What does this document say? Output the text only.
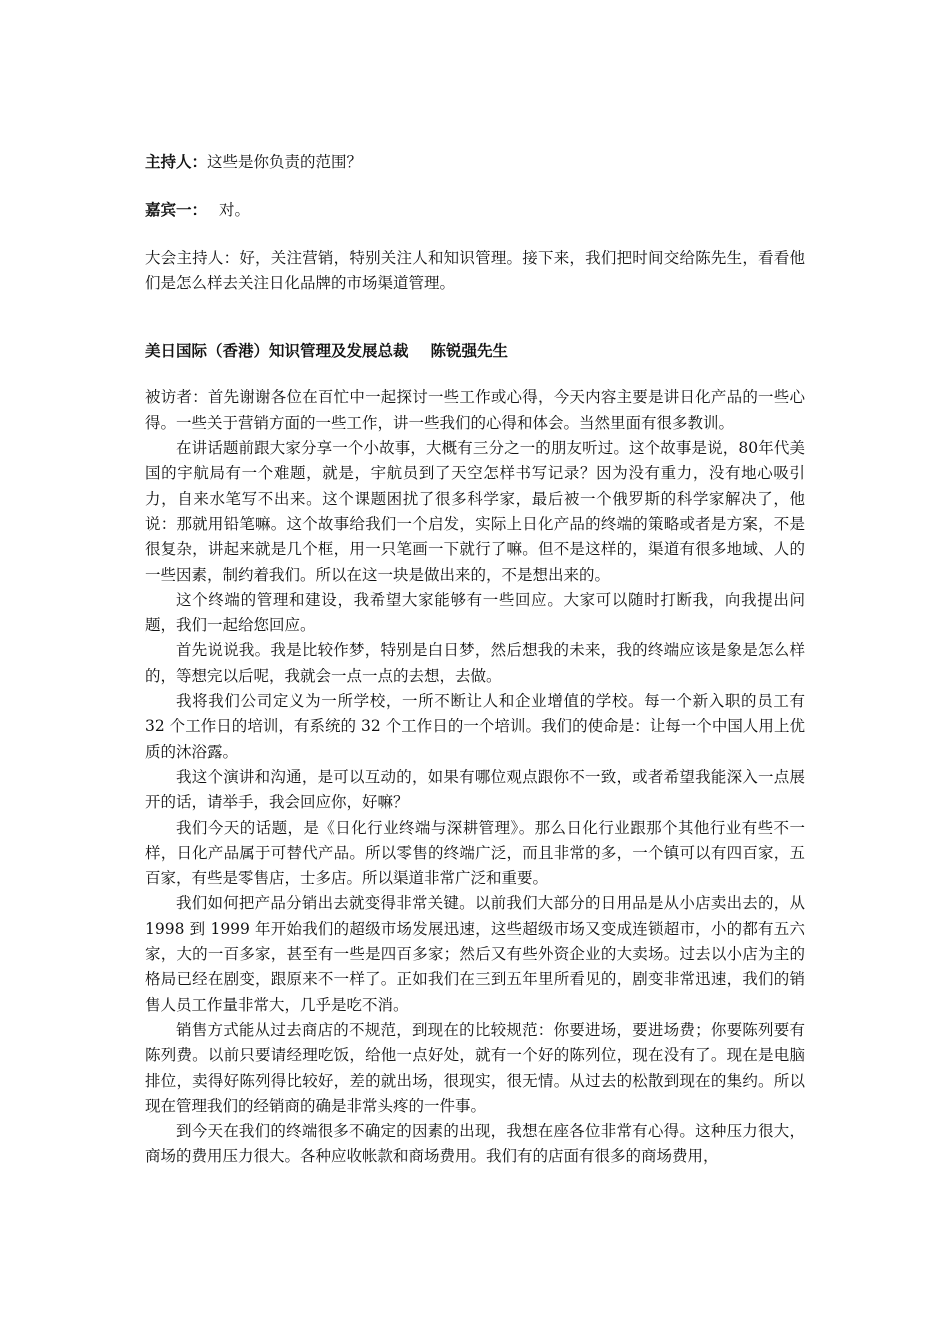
主持人：这些是你负责的范围？
嘉宾一： 对。

大会主持人：好，关注营销，特别关注人和知识管理。接下来，我们把时间交给陈先生，看看他们是怎么样去关注日化品牌的市场渠道管理。

美日国际（香港）知识管理及发展总裁 陈锐强先生

被访者：首先谢谢各位在百忙中一起探讨一些工作或心得，今天内容主要是讲日化产品的一些心得。一些关于营销方面的一些工作，讲一些我们的心得和体会。当然里面有很多教训。

在讲话题前跟大家分享一个小故事，大概有三分之一的朋友听过。这个故事是说，80年代美国的宇航局有一个难题，就是，宇航员到了天空怎样书写记录？因为没有重力，没有地心吸引力，自来水笔写不出来。这个课题困扰了很多科学家，最后被一个俄罗斯的科学家解决了，他说：那就用铅笔嘛。这个故事给我们一个启发，实际上日化产品的终端的策略或者是方案，不是很复杂，讲起来就是几个框，用一只笔画一下就行了嘛。但不是这样的，渠道有很多地域、人的一些因素，制约着我们。所以在这一块是做出来的，不是想出来的。

这个终端的管理和建设，我希望大家能够有一些回应。大家可以随时打断我，向我提出问题，我们一起给您回应。

首先说说我。我是比较作梦，特别是白日梦，然后想我的未来，我的终端应该是象是怎么样的，等想完以后呢，我就会一点一点的去想，去做。

我将我们公司定义为一所学校，一所不断让人和企业增值的学校。每一个新入职的员工有 32 个工作日的培训，有系统的 32 个工作日的一个培训。我们的使命是：让每一个中国人用上优质的沐浴露。

我这个演讲和沟通，是可以互动的，如果有哪位观点跟你不一致，或者希望我能深入一点展开的话，请举手，我会回应你，好嘛？

我们今天的话题，是《日化行业终端与深耕管理》。那么日化行业跟那个其他行业有些不一样，日化产品属于可替代产品。所以零售的终端广泛，而且非常的多，一个镇可以有四百家，五百家，有些是零售店，士多店。所以渠道非常广泛和重要。

我们如何把产品分销出去就变得非常关键。以前我们大部分的日用品是从小店卖出去的，从 1998 到 1999 年开始我们的超级市场发展迅速，这些超级市场又变成连锁超市，小的都有五六家，大的一百多家，甚至有一些是四百多家；然后又有些外资企业的大卖场。过去以小店为主的格局已经在剧变，跟原来不一样了。正如我们在三到五年里所看见的，剧变非常迅速，我们的销售人员工作量非常大，几乎是吃不消。

销售方式能从过去商店的不规范，到现在的比较规范：你要进场，要进场费；你要陈列要有陈列费。以前只要请经理吃饭，给他一点好处，就有一个好的陈列位，现在没有了。现在是电脑排位，卖得好陈列得比较好，差的就出场，很现实，很无情。从过去的松散到现在的集约。所以现在管理我们的经销商的确是非常头疼的一件事。

到今天在我们的终端很多不确定的因素的出现，我想在座各位非常有心得。这种压力很大，商场的费用压力很大。各种应收帐款和商场费用。我们有的店面有很多的商场费用，
